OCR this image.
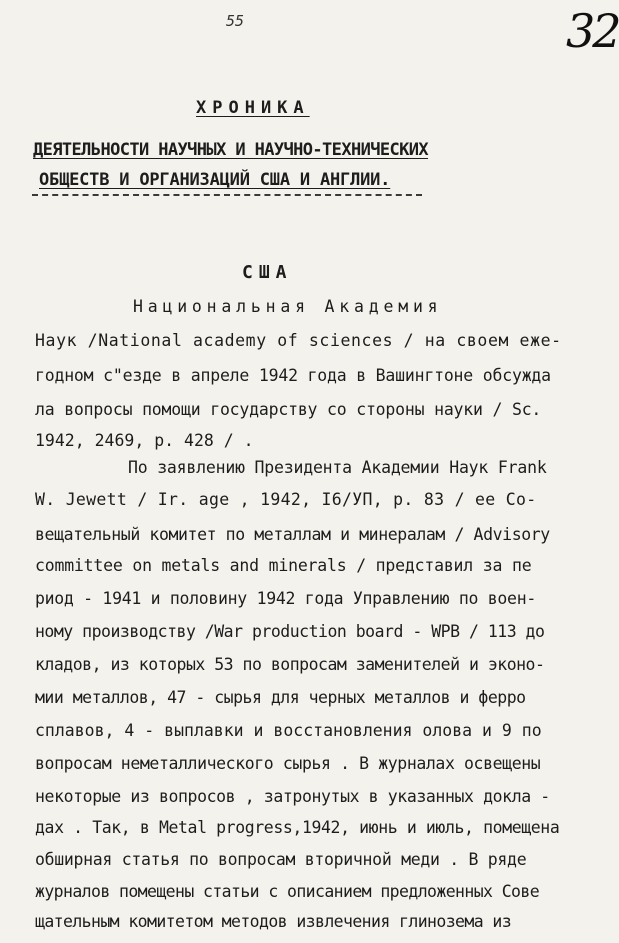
55	32
ХРОНИКА
ДЕЯТЕЛЬНОСТИ НАУЧНЫХ И НАУЧНО-ТЕХНИЧЕСКИХ
ОБЩЕСТВ И ОРГАНИЗАЦИЙ США И АНГЛИИ.
США
Национальная Академия
Наук /National academy of sciences / на своем еже-
годном с"езде в апреле 1942 года в Вашингтоне обсужда
ла вопросы помощи государству со стороны науки / Sc.
1942, 2469, p. 428 / .
По заявлению Президента Академии Наук Frank
W. Jewett / Ir. age , 1942, I6/УП, p. 83 / ее Со-
вещательный комитет по металлам и минералам / Advisory
committee on metals and minerals / представил за пе
риод - 1941 и половину 1942 года Управлению по воен-
ному производству /War production board - WPB / 113 до
кладов, из которых 53 по вопросам заменителей и эконо-
мии металлов, 47 - сырья для черных металлов и ферро
сплавов, 4 - выплавки и восстановления олова и 9 по
вопросам неметаллического сырья . В журналах освещены
некоторые из вопросов , затронутых в указанных докла -
дах . Так, в Metal progress,1942, июнь и июль, помещена
обширная статья по вопросам вторичной меди . В ряде
журналов помещены статьи с описанием предложенных Сове
щательным комитетом методов извлечения глинозема из
